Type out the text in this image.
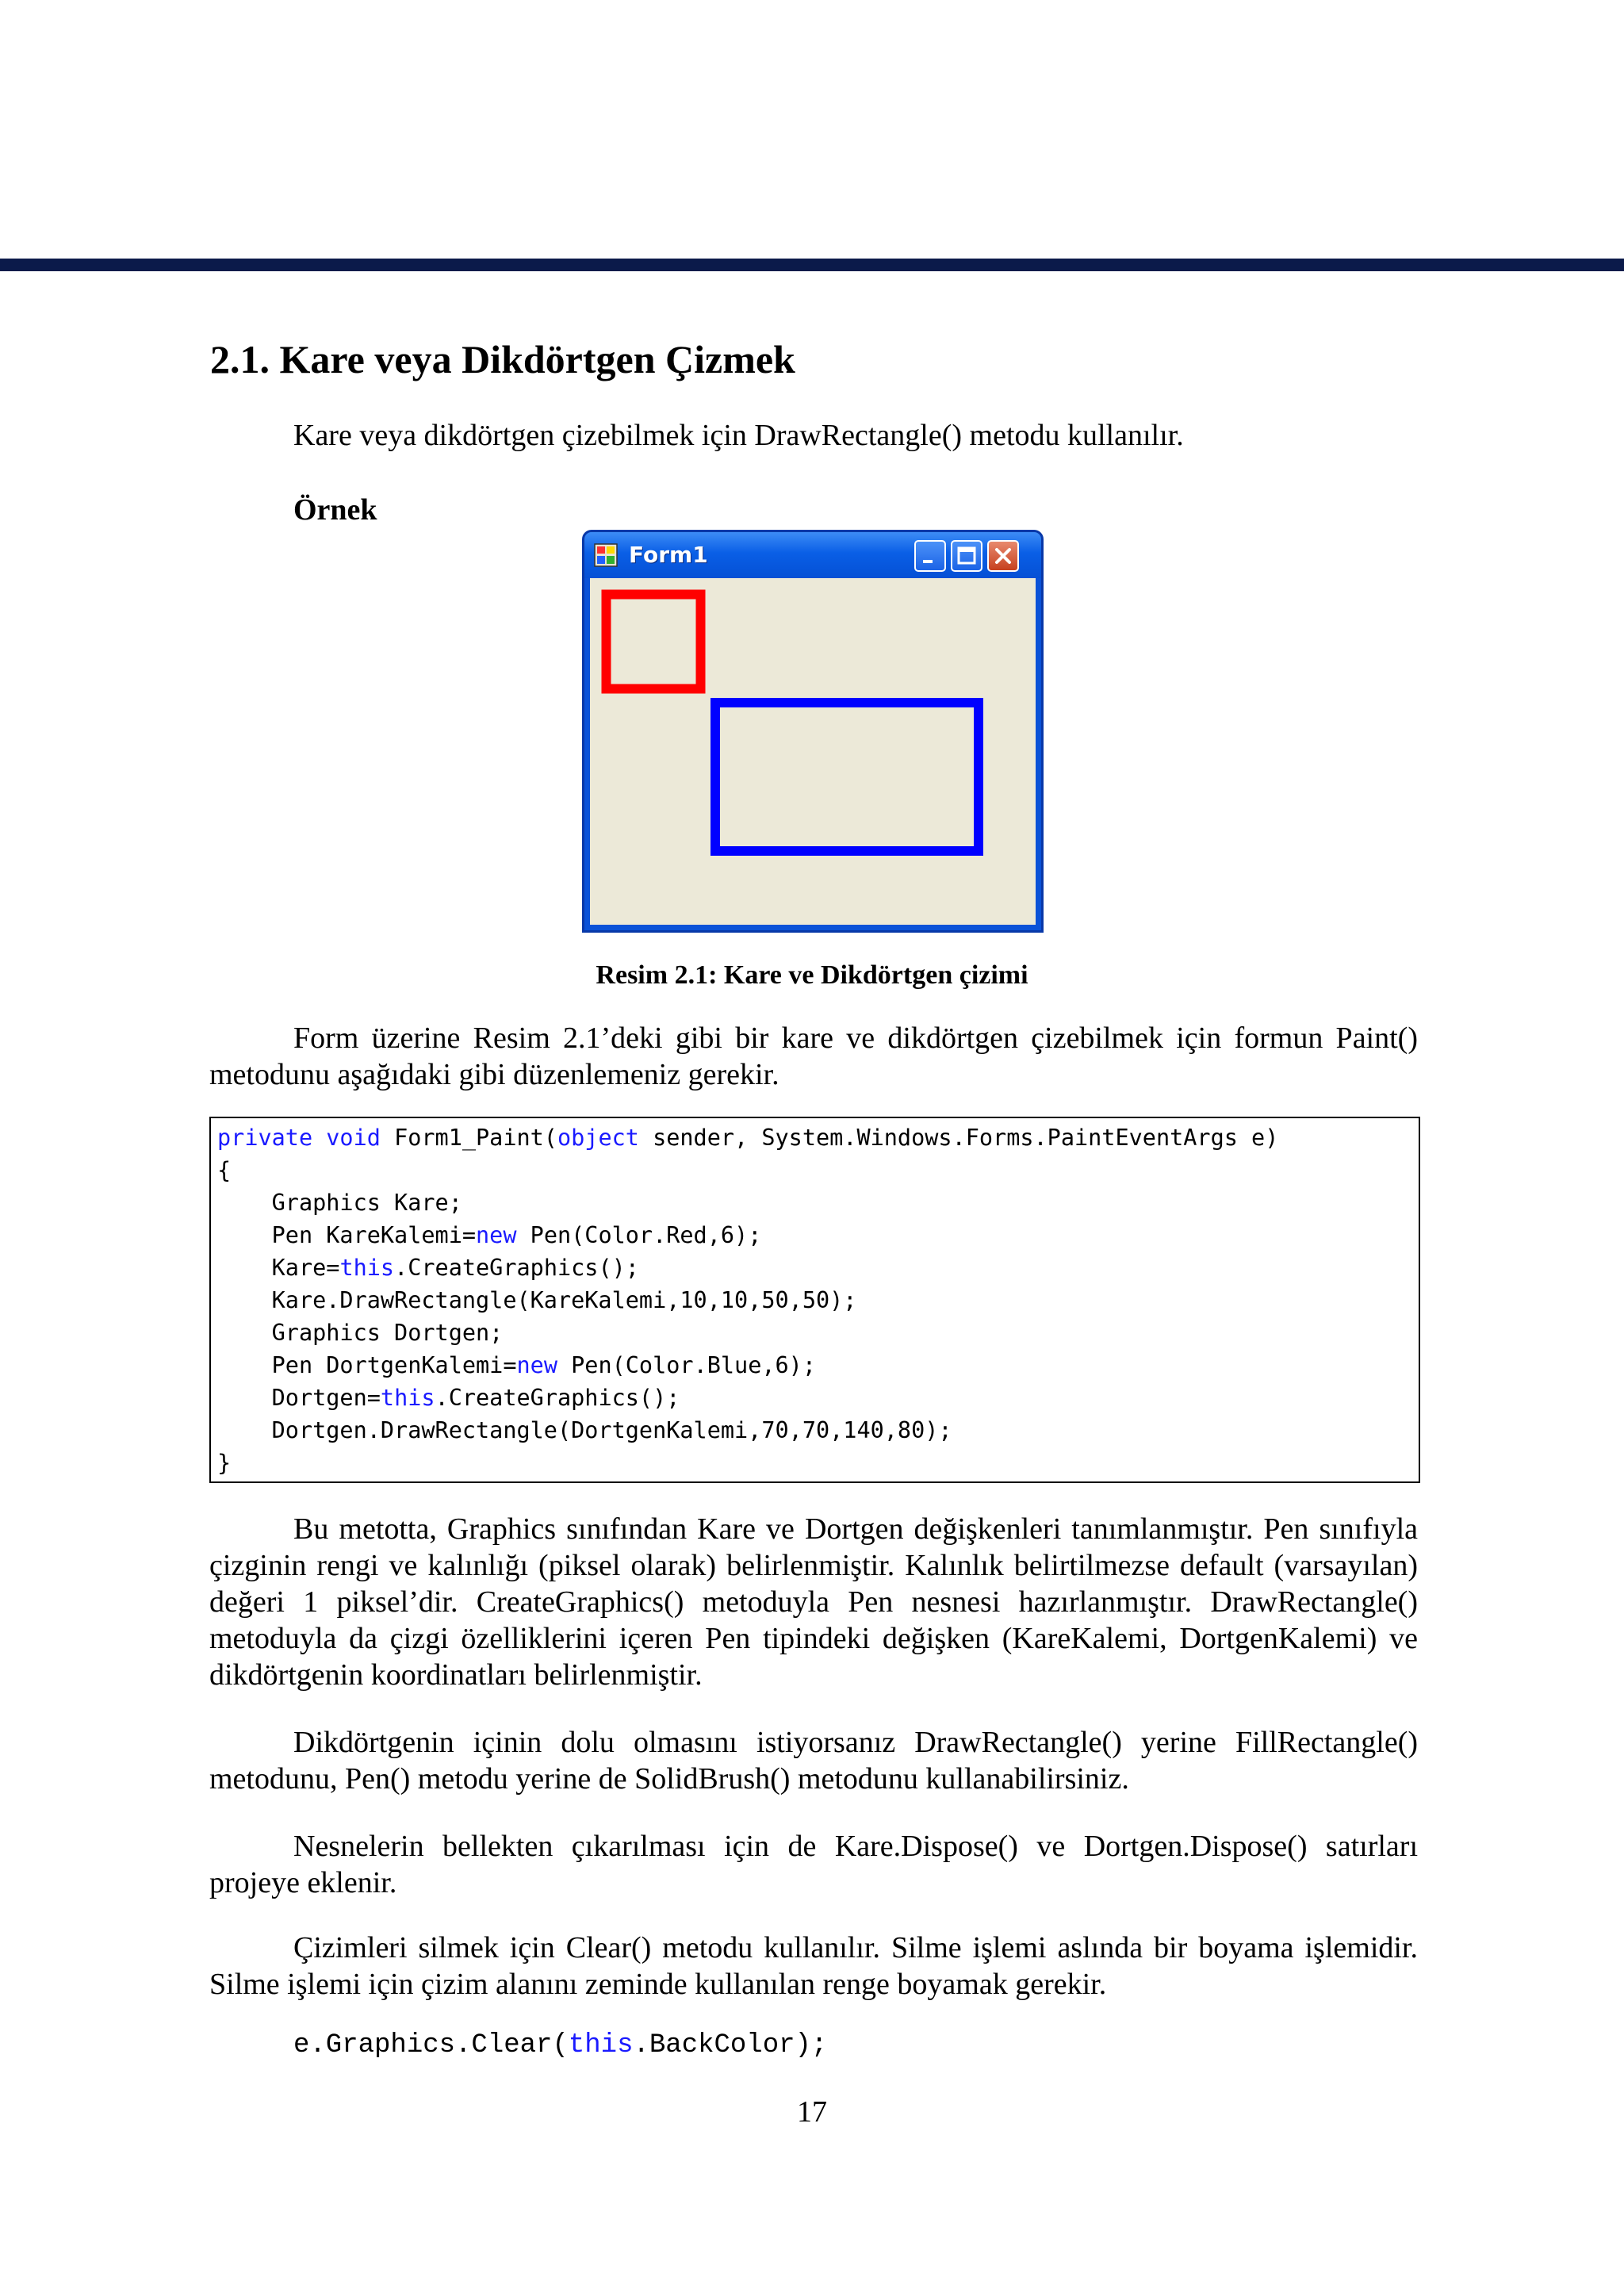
2.1. Kare veya Dikdörtgen Çizmek

Kare veya dikdörtgen çizebilmek için DrawRectangle() metodu kullanılır.

Örnek

Form1

Resim 2.1: Kare ve Dikdörtgen çizimi

Form üzerine Resim 2.1’deki gibi bir kare ve dikdörtgen çizebilmek için formun Paint() metodunu aşağıdaki gibi düzenlemeniz gerekir.

private void Form1_Paint(object sender, System.Windows.Forms.PaintEventArgs e)

{

Graphics Kare;

Pen KareKalemi=new Pen(Color.Red,6);

Kare=this.CreateGraphics();

Kare.DrawRectangle(KareKalemi,10,10,50,50);

Graphics Dortgen;

Pen DortgenKalemi=new Pen(Color.Blue,6);

Dortgen=this.CreateGraphics();

Dortgen.DrawRectangle(DortgenKalemi,70,70,140,80);

}

Bu metotta, Graphics sınıfından Kare ve Dortgen değişkenleri tanımlanmıştır. Pen sınıfıyla çizginin rengi ve kalınlığı (piksel olarak) belirlenmiştir. Kalınlık belirtilmezse default (varsayılan) değeri 1 piksel’dir. CreateGraphics() metoduyla Pen nesnesi hazırlanmıştır. DrawRectangle() metoduyla da çizgi özelliklerini içeren Pen tipindeki değişken (KareKalemi, DortgenKalemi) ve dikdörtgenin koordinatları belirlenmiştir.

Dikdörtgenin içinin dolu olmasını istiyorsanız DrawRectangle() yerine FillRectangle() metodunu, Pen() metodu yerine de SolidBrush() metodunu kullanabilirsiniz.

Nesnelerin bellekten çıkarılması için de Kare.Dispose() ve Dortgen.Dispose() satırları projeye eklenir.

Çizimleri silmek için Clear() metodu kullanılır. Silme işlemi aslında bir boyama işlemidir. Silme işlemi için çizim alanını zeminde kullanılan renge boyamak gerekir.

e.Graphics.Clear(this.BackColor);

17
